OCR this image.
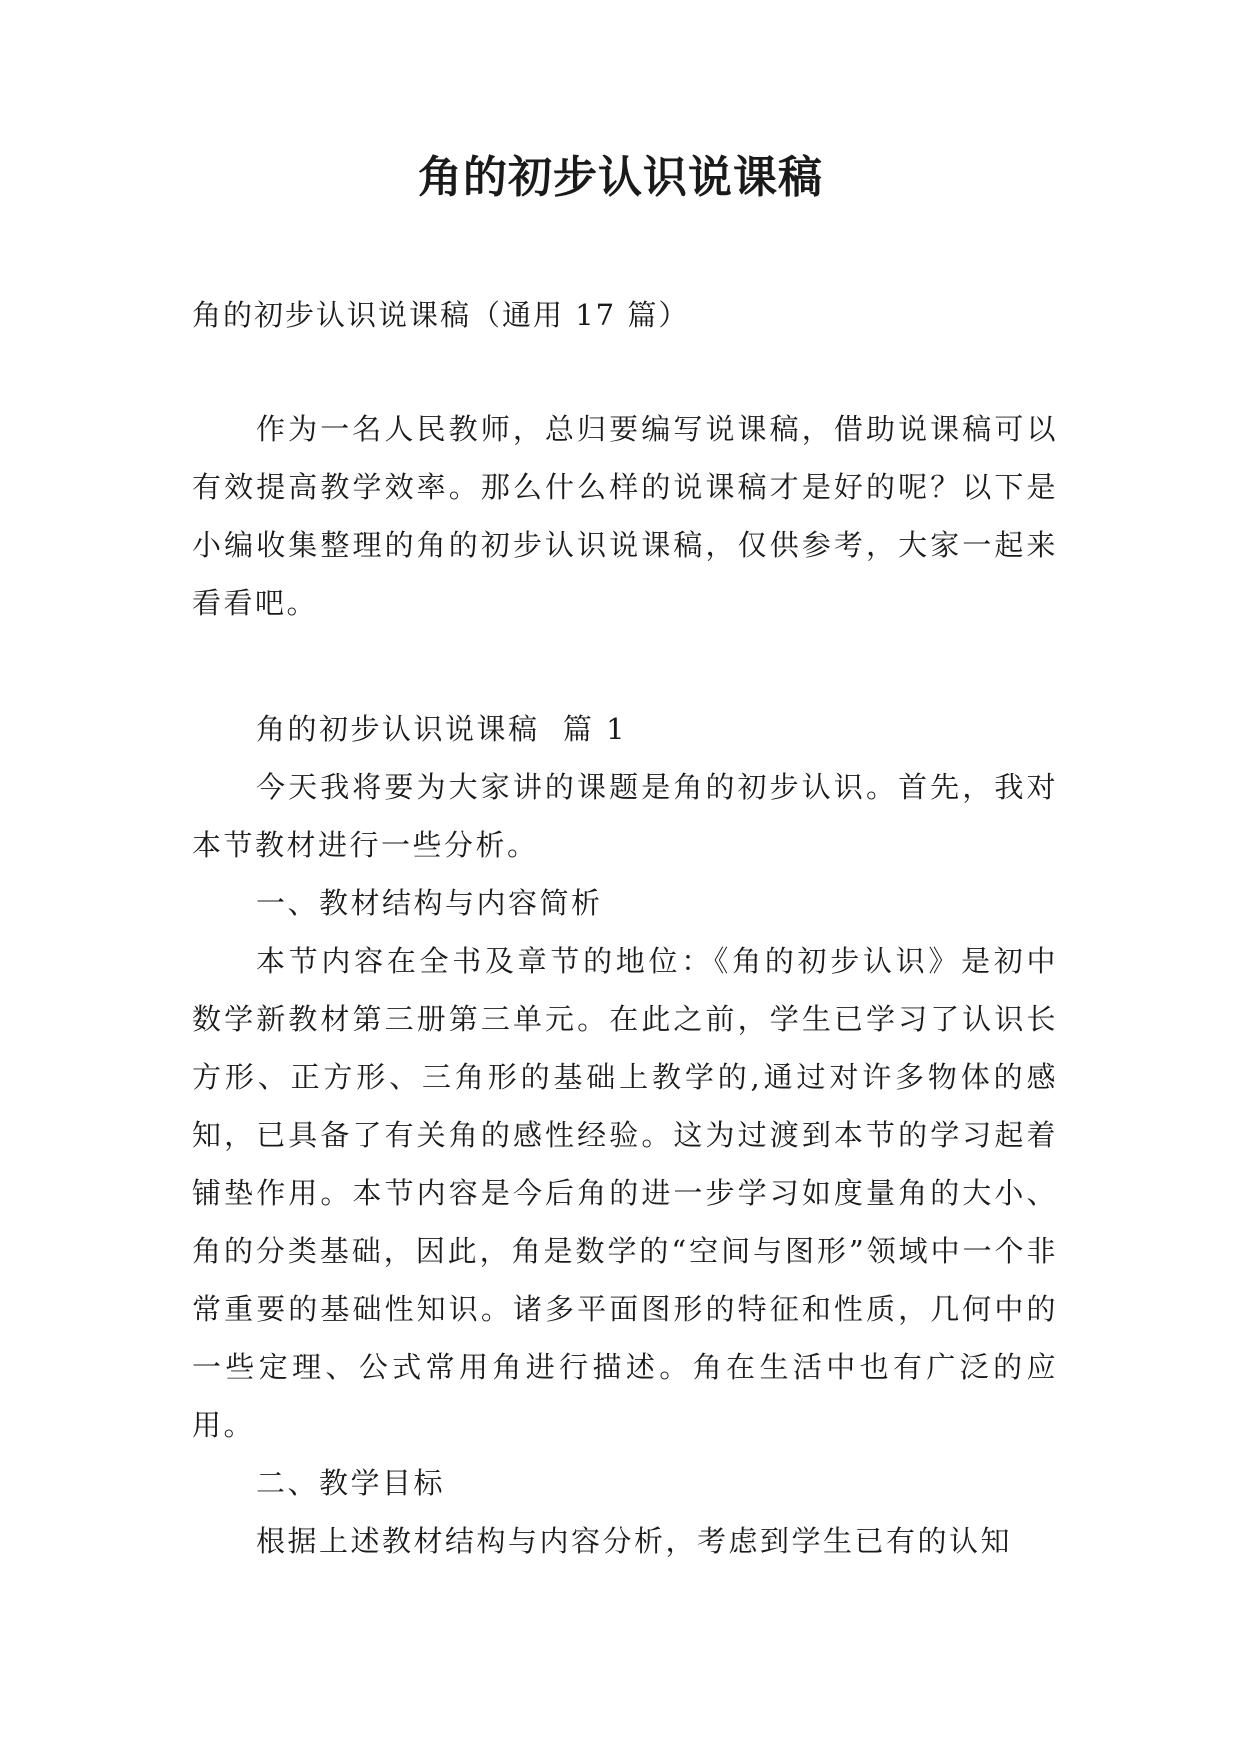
角的初步认识说课稿
角的初步认识说课稿（通用 17 篇）

作为一名人民教师，总归要编写说课稿，借助说课稿可以有效提高教学效率。那么什么样的说课稿才是好的呢？以下是小编收集整理的角的初步认识说课稿，仅供参考，大家一起来看看吧。

角的初步认识说课稿  篇 1

今天我将要为大家讲的课题是角的初步认识。首先，我对本节教材进行一些分析。

一、教材结构与内容简析

本节内容在全书及章节的地位：《角的初步认识》是初中数学新教材第三册第三单元。在此之前，学生已学习了认识长方形、正方形、三角形的基础上教学的,通过对许多物体的感知，已具备了有关角的感性经验。这为过渡到本节的学习起着铺垫作用。本节内容是今后角的进一步学习如度量角的大小、角的分类基础，因此，角是数学的“空间与图形”领域中一个非常重要的基础性知识。诸多平面图形的特征和性质，几何中的一些定理、公式常用角进行描述。角在生活中也有广泛的应用。

二、教学目标

根据上述教材结构与内容分析，考虑到学生已有的认知
